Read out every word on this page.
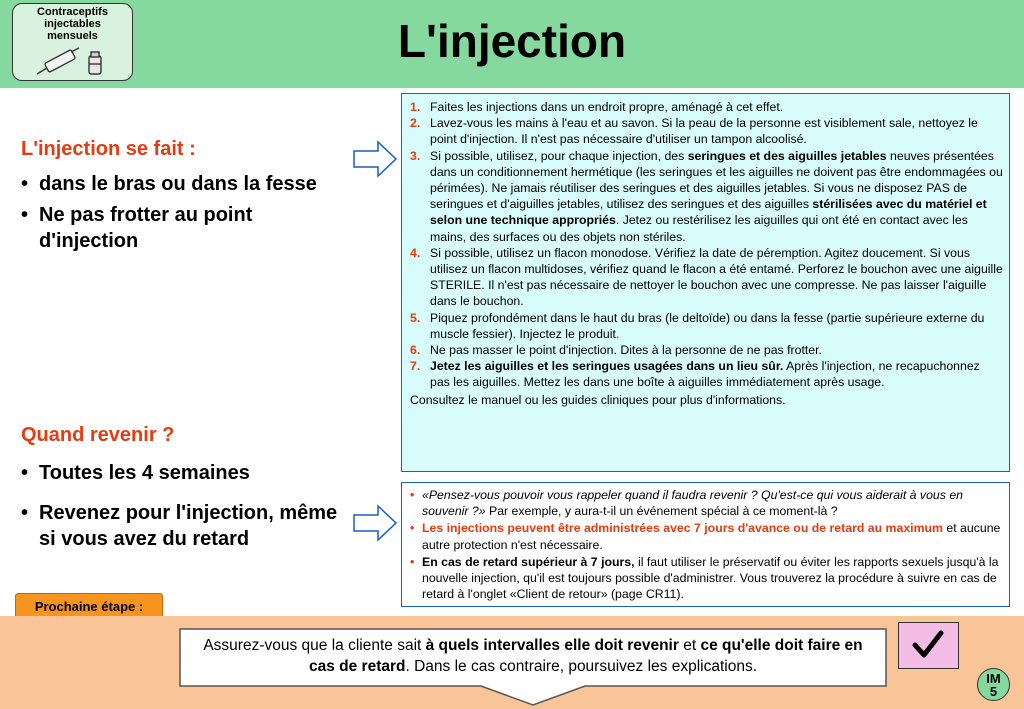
Contraceptifs
injectables
mensuels	L'injection
L'injection se fait :
• dans le bras ou dans la fesse
• Ne pas frotter au point d'injection
Quand revenir ?
• Toutes les 4 semaines
• Revenez pour l'injection, même si vous avez du retard
1. Faites les injections dans un endroit propre, aménagé à cet effet.
2. Lavez-vous les mains à l'eau et au savon. Si la peau de la personne est visiblement sale, nettoyez le point d'injection. Il n'est pas nécessaire d'utiliser un tampon alcoolisé.
3. Si possible, utilisez, pour chaque injection, des seringues et des aiguilles jetables neuves présentées dans un conditionnement hermétique (les seringues et les aiguilles ne doivent pas être endommagées ou périmées). Ne jamais réutiliser des seringues et des aiguilles jetables. Si vous ne disposez PAS de seringues et d'aiguilles jetables, utilisez des seringues et des aiguilles stérilisées avec du matériel et selon une technique appropriés. Jetez ou restérilisez les aiguilles qui ont été en contact avec les mains, des surfaces ou des objets non stériles.
4. Si possible, utilisez un flacon monodose. Vérifiez la date de péremption. Agitez doucement. Si vous utilisez un flacon multidoses, vérifiez quand le flacon a été entamé. Perforez le bouchon avec une aiguille STERILE. Il n'est pas nécessaire de nettoyer le bouchon avec une compresse. Ne pas laisser l'aiguille dans le bouchon.
5. Piquez profondément dans le haut du bras (le deltoïde) ou dans la fesse (partie supérieure externe du muscle fessier). Injectez le produit.
6. Ne pas masser le point d'injection. Dites à la personne de ne pas frotter.
7. Jetez les aiguilles et les seringues usagées dans un lieu sûr. Après l'injection, ne recapuchonnez pas les aiguilles. Mettez les dans une boîte à aiguilles immédiatement après usage.
Consultez le manuel ou les guides cliniques pour plus d'informations.
• «Pensez-vous pouvoir vous rappeler quand il faudra revenir ? Qu'est-ce qui vous aiderait à vous en souvenir ?» Par exemple, y aura-t-il un événement spécial à ce moment-là ?
• Les injections peuvent être administrées avec 7 jours d'avance ou de retard au maximum et aucune autre protection n'est nécessaire.
• En cas de retard supérieur à 7 jours, il faut utiliser le préservatif ou éviter les rapports sexuels jusqu'à la nouvelle injection, qu'il est toujours possible d'administrer. Vous trouverez la procédure à suivre en cas de retard à l'onglet «Client de retour» (page CR11).
Prochaine étape :
Assurez-vous que la cliente sait à quels intervalles elle doit revenir et ce qu'elle doit faire en cas de retard. Dans le cas contraire, poursuivez les explications.
IM
5
